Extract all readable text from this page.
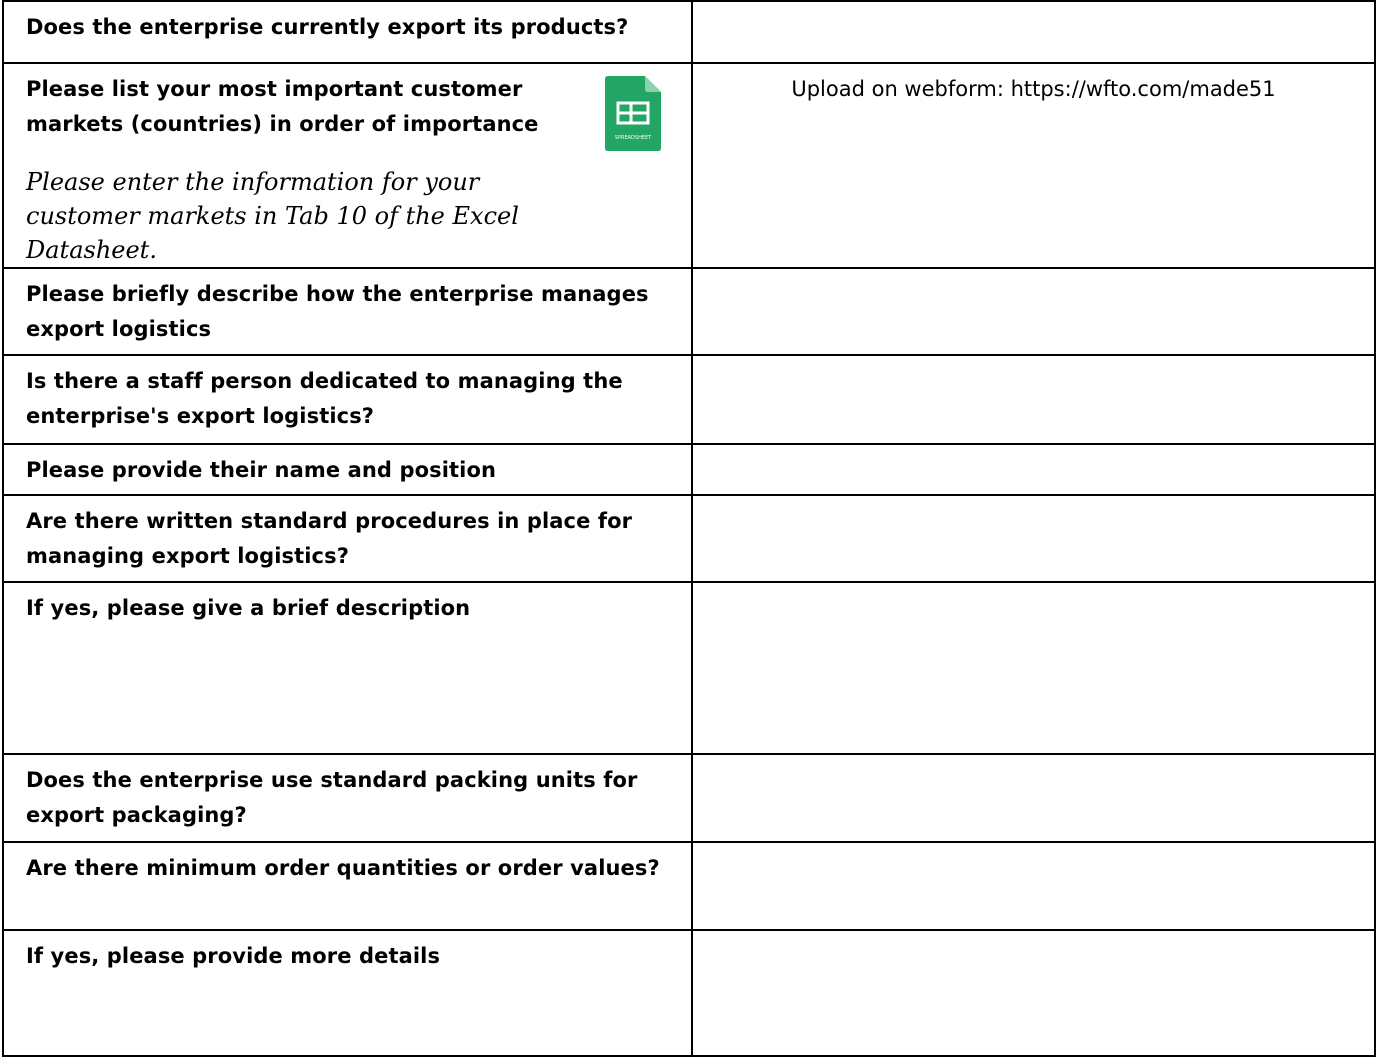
Does the enterprise currently export its products?	

Please list your most important customer markets (countries) in order of importance
SPREADSHEET
Please enter the information for your customer markets in Tab 10 of the Excel Datasheet.	Upload on webform: https://wfto.com/made51

Please briefly describe how the enterprise manages export logistics	

Is there a staff person dedicated to managing the enterprise's export logistics?	

Please provide their name and position	

Are there written standard procedures in place for managing export logistics?	

If yes, please give a brief description	

Does the enterprise use standard packing units for export packaging?	

Are there minimum order quantities or order values?	

If yes, please provide more details	
